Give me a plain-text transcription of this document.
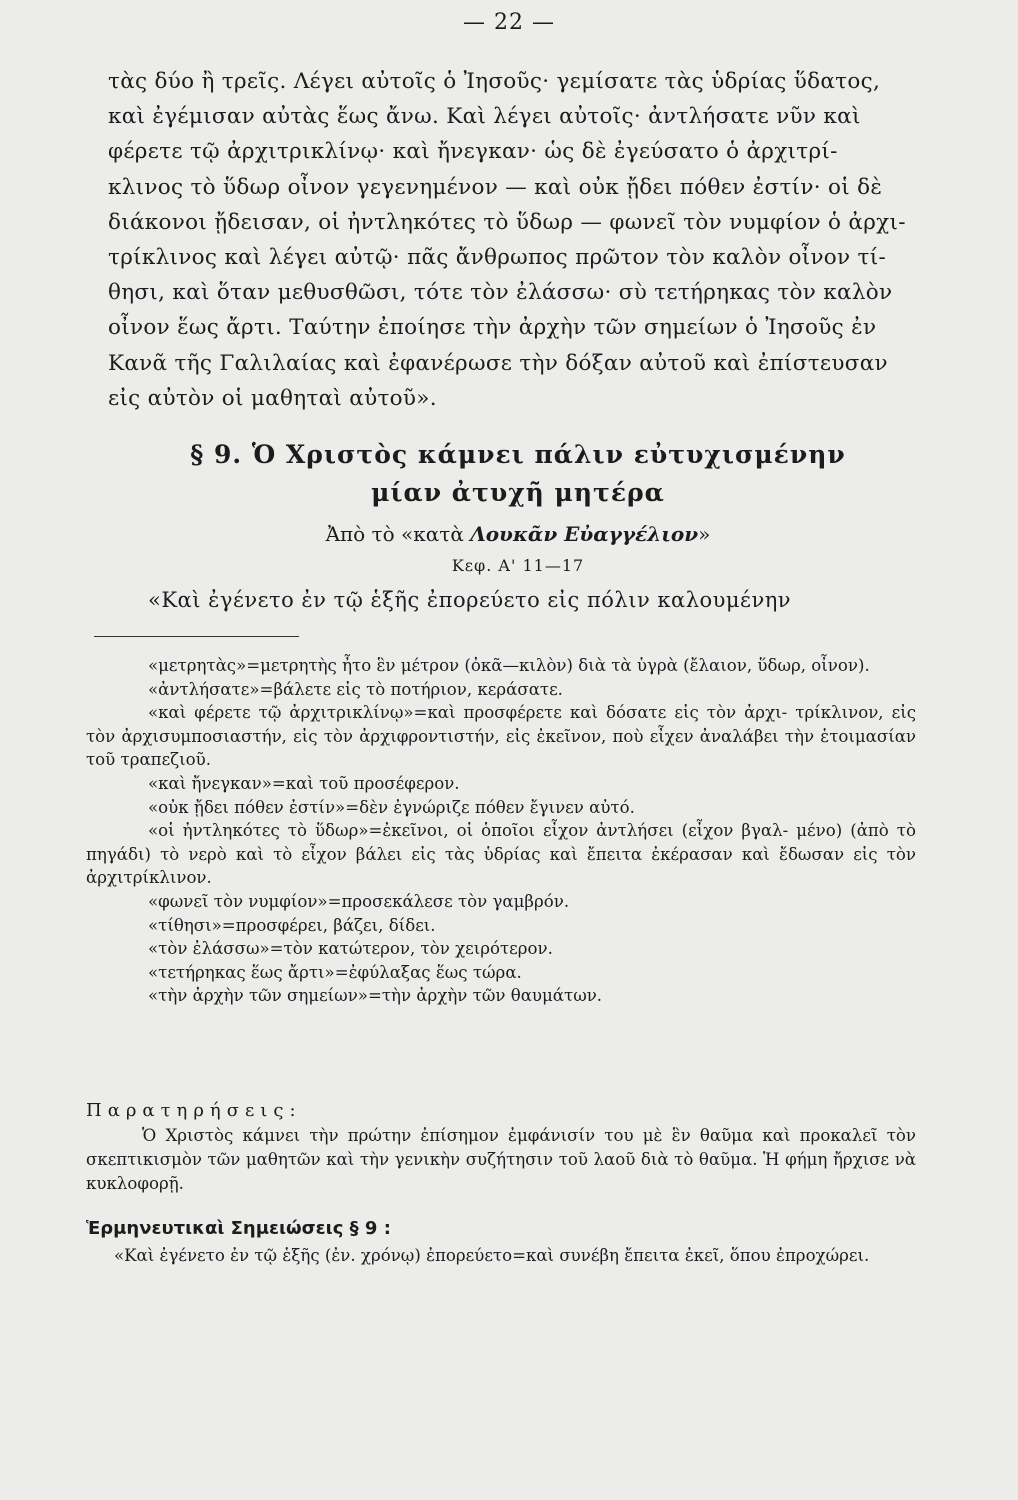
— 22 —
τὰς δύο ἢ τρεῖς. Λέγει αὐτοῖς ὁ Ἰησοῦς· γεμίσατε τὰς ὑδρίας ὕδατος,
καὶ ἐγέμισαν αὐτὰς ἕως ἄνω. Καὶ λέγει αὐτοῖς· ἀντλήσατε νῦν καὶ
φέρετε τῷ ἀρχιτρικλίνῳ· καὶ ἤνεγκαν· ὡς δὲ ἐγεύσατο ὁ ἀρχιτρί-
κλινος τὸ ὕδωρ οἶνον γεγενημένον — καὶ οὐκ ᾔδει πόθεν ἐστίν· οἱ δὲ
διάκονοι ᾔδεισαν, οἱ ἠντληκότες τὸ ὕδωρ — φωνεῖ τὸν νυμφίον ὁ ἀρχι-
τρίκλινος καὶ λέγει αὐτῷ· πᾶς ἄνθρωπος πρῶτον τὸν καλὸν οἶνον τί-
θησι, καὶ ὅταν μεθυσθῶσι, τότε τὸν ἐλάσσω· σὺ τετήρηκας τὸν καλὸν
οἶνον ἕως ἄρτι. Ταύτην ἐποίησε τὴν ἀρχὴν τῶν σημείων ὁ Ἰησοῦς ἐν
Κανᾶ τῆς Γαλιλαίας καὶ ἐφανέρωσε τὴν δόξαν αὐτοῦ καὶ ἐπίστευσαν
εἰς αὐτὸν οἱ μαθηταὶ αὐτοῦ».
§ 9. Ὁ Χριστὸς κάμνει πάλιν εὐτυχισμένην
μίαν ἀτυχῆ μητέρα
Ἀπὸ τὸ «κατὰ Λουκᾶν Εὐαγγέλιον»
Κεφ. Α' 11—17
«Καὶ ἐγένετο ἐν τῷ ἑξῆς ἐπορεύετο εἰς πόλιν καλουμένην
«μετρητὰς»=μετρητὴς ἦτο ἓν μέτρον (ὀκᾶ—κιλὸν) διὰ τὰ ὑγρὰ (ἔλαιον, ὕδωρ, οἶνον).
«ἀντλήσατε»=βάλετε εἰς τὸ ποτήριον, κεράσατε.
«καὶ φέρετε τῷ ἀρχιτρικλίνῳ»=καὶ προσφέρετε καὶ δόσατε εἰς τὸν ἀρχι- τρίκλινον, εἰς τὸν ἀρχισυμποσιαστήν, εἰς τὸν ἀρχιφροντιστήν, εἰς ἐκεῖνον, ποὺ εἶχεν ἀναλάβει τὴν ἑτοιμασίαν τοῦ τραπεζιοῦ.
«καὶ ἤνεγκαν»=καὶ τοῦ προσέφερον.
«οὐκ ᾔδει πόθεν ἐστίν»=δὲν ἐγνώριζε πόθεν ἔγινεν αὐτό.
«οἱ ἠντληκότες τὸ ὕδωρ»=ἐκεῖνοι, οἱ ὁποῖοι εἶχον ἀντλήσει (εἶχον βγαλ- μένο) (ἀπὸ τὸ πηγάδι) τὸ νερὸ καὶ τὸ εἶχον βάλει εἰς τὰς ὑδρίας καὶ ἔπειτα ἐκέρασαν καὶ ἔδωσαν εἰς τὸν ἀρχιτρίκλινον.
«φωνεῖ τὸν νυμφίον»=προσεκάλεσε τὸν γαμβρόν.
«τίθησι»=προσφέρει, βάζει, δίδει.
«τὸν ἐλάσσω»=τὸν κατώτερον, τὸν χειρότερον.
«τετήρηκας ἕως ἄρτι»=ἐφύλαξας ἕως τώρα.
«τὴν ἀρχὴν τῶν σημείων»=τὴν ἀρχὴν τῶν θαυμάτων.
Παρατηρήσεις:
Ὁ Χριστὸς κάμνει τὴν πρώτην ἐπίσημον ἐμφάνισίν του μὲ ἓν θαῦμα καὶ προκαλεῖ τὸν σκεπτικισμὸν τῶν μαθητῶν καὶ τὴν γενικὴν συζήτησιν τοῦ λαοῦ διὰ τὸ θαῦμα. Ἡ φήμη ἤρχισε νὰ κυκλοφορῇ.
Ἑρμηνευτικαὶ Σημειώσεις § 9 :
«Καὶ ἐγένετο ἐν τῷ ἑξῆς (ἐν. χρόνῳ) ἐπορεύετο=καὶ συνέβη ἔπειτα ἐκεῖ, ὅπου ἐπροχώρει.
